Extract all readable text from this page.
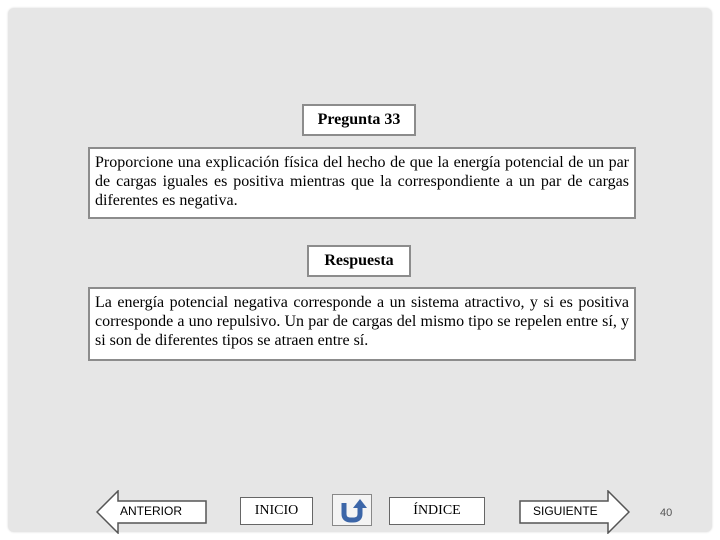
Pregunta 33
Proporcione una explicación física del hecho de que la energía potencial de un par de cargas iguales es positiva mientras que la correspondiente a un par de cargas diferentes es negativa.
Respuesta
La energía potencial negativa corresponde a un sistema atractivo, y si es positiva corresponde a uno repulsivo. Un par de cargas del mismo tipo se repelen entre sí, y si son de diferentes tipos se atraen entre sí.
ANTERIOR	INICIO	ÍNDICE	SIGUIENTE	40
